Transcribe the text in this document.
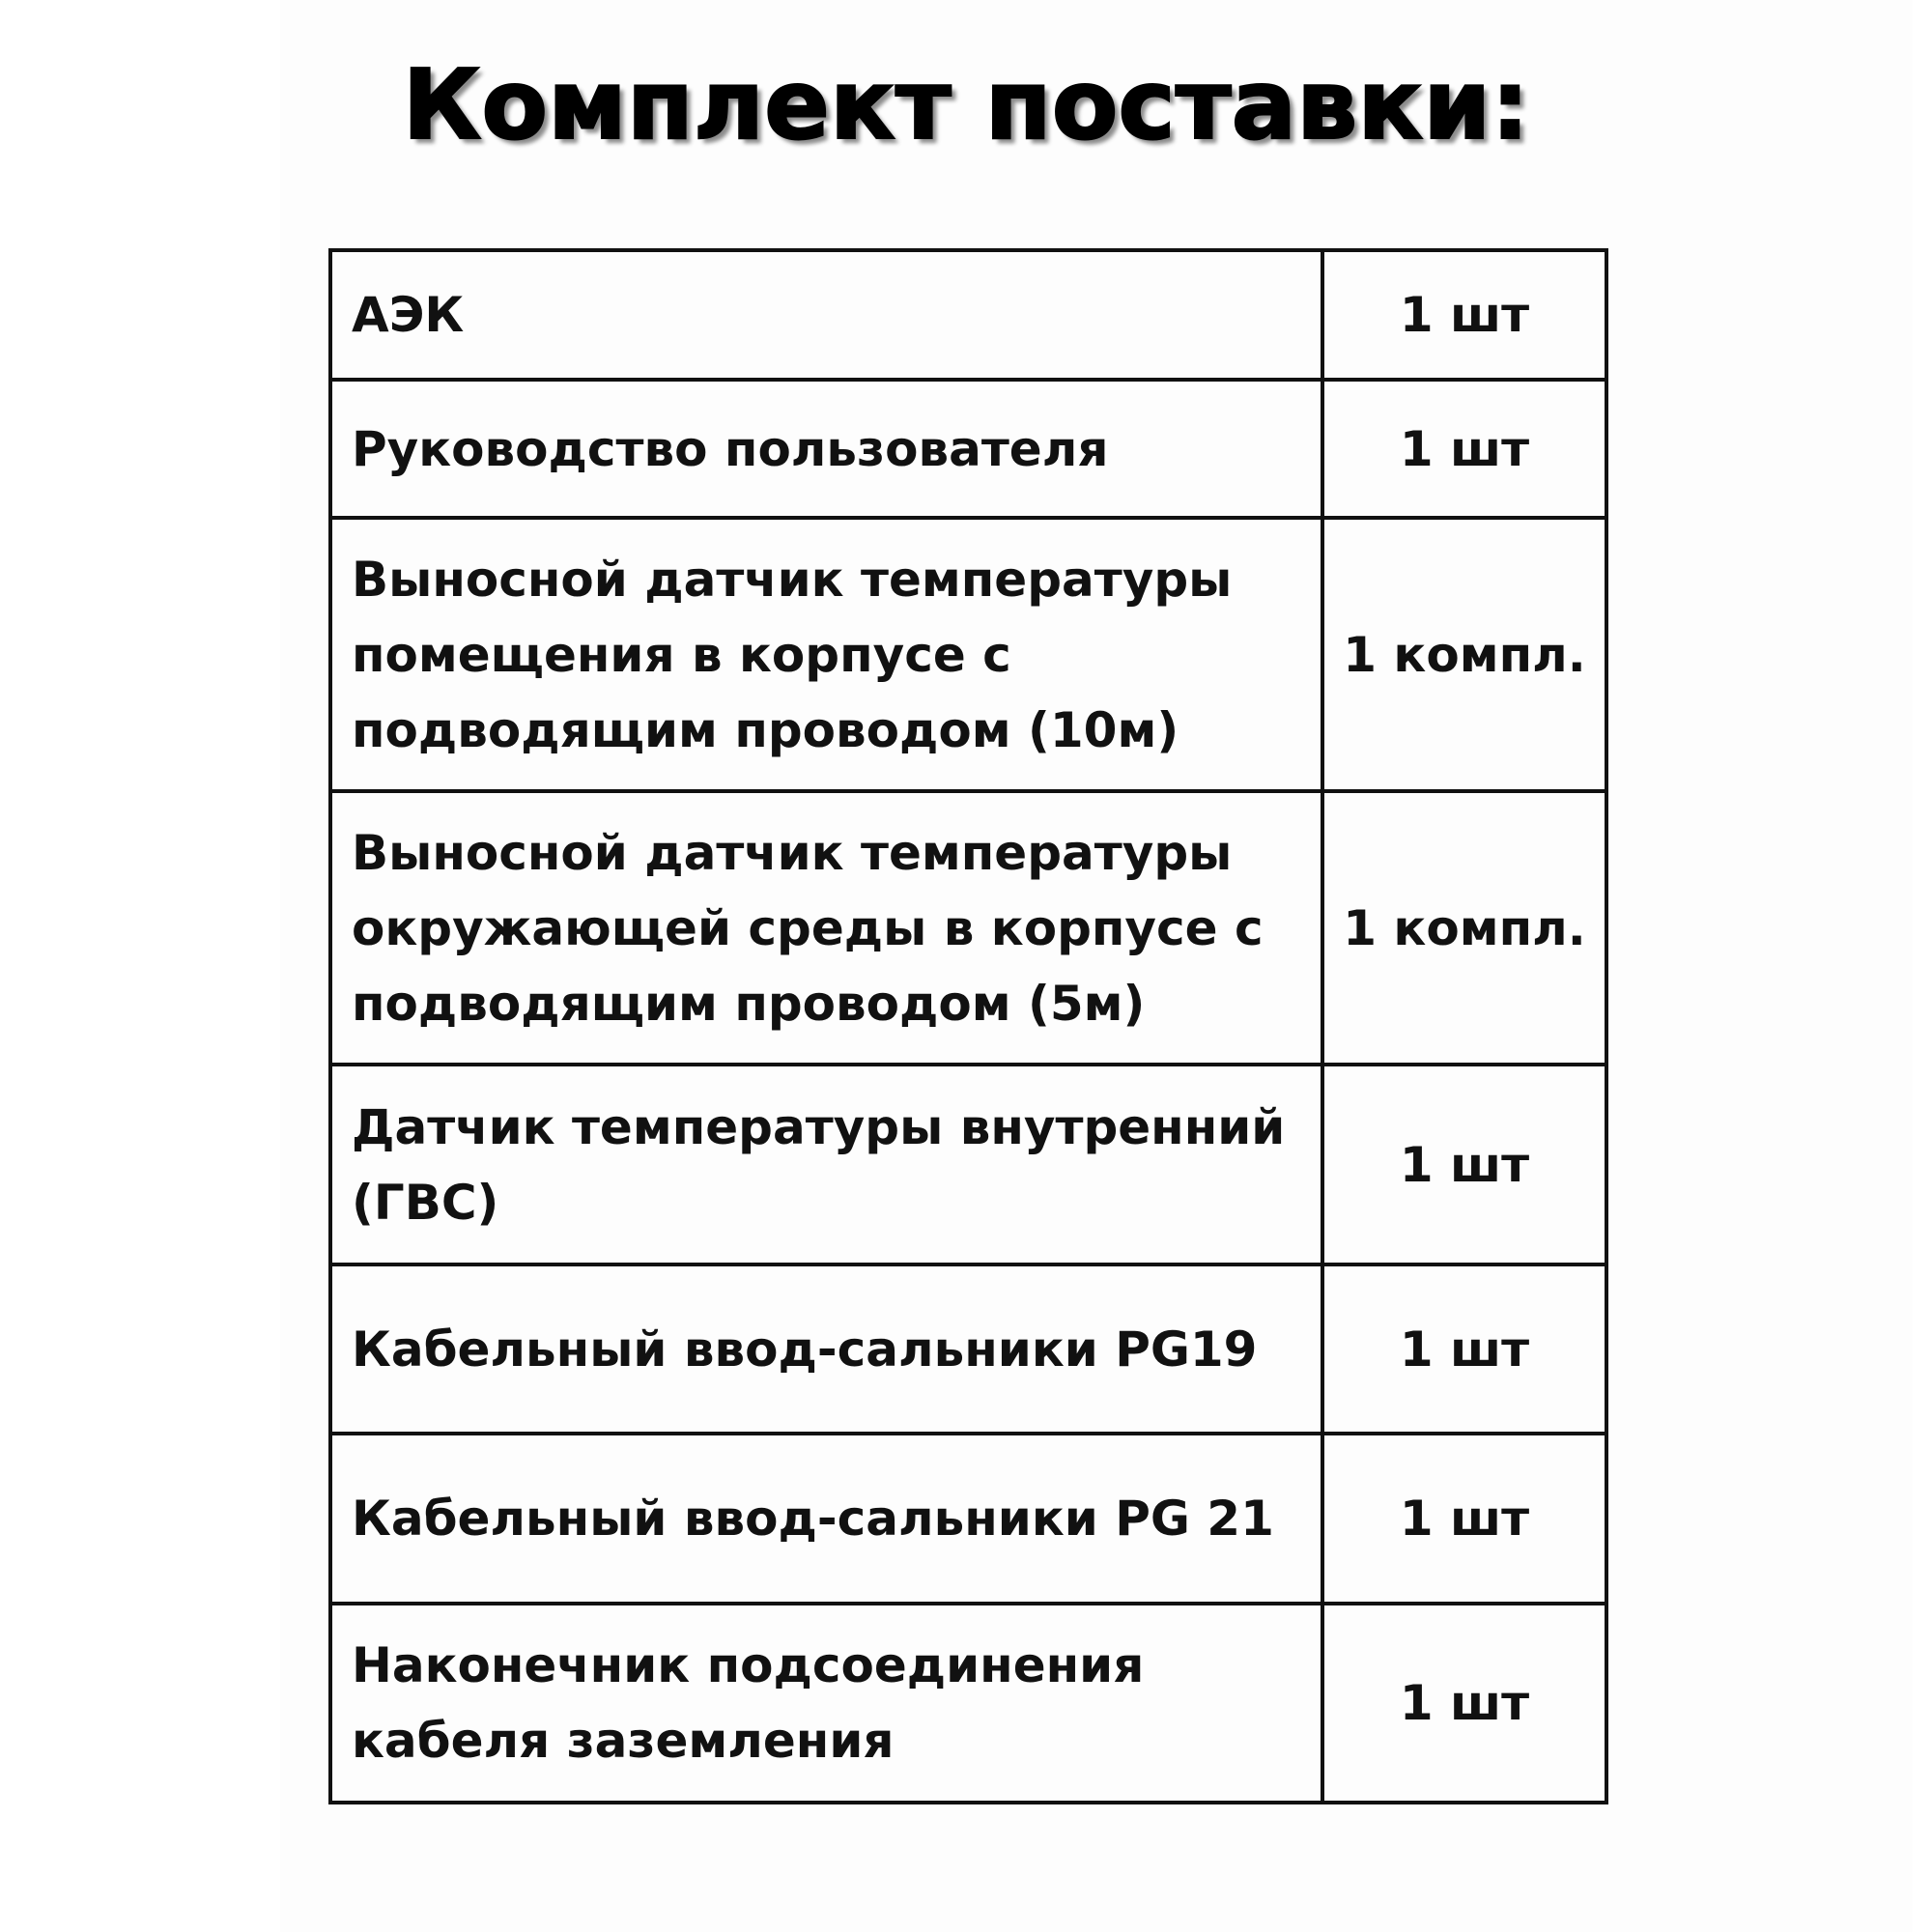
Комплект поставки:
АЭК	1 шт
Руководство пользователя	1 шт
Выносной датчик температуры помещения в корпусе с подводящим проводом (10м)	1 компл.
Выносной датчик температуры окружающей среды в корпусе с подводящим проводом (5м)	1 компл.
Датчик температуры внутренний (ГВС)	1 шт
Кабельный ввод-сальники PG19	1 шт
Кабельный ввод-сальники PG 21	1 шт
Наконечник подсоединения кабеля заземления	1 шт
